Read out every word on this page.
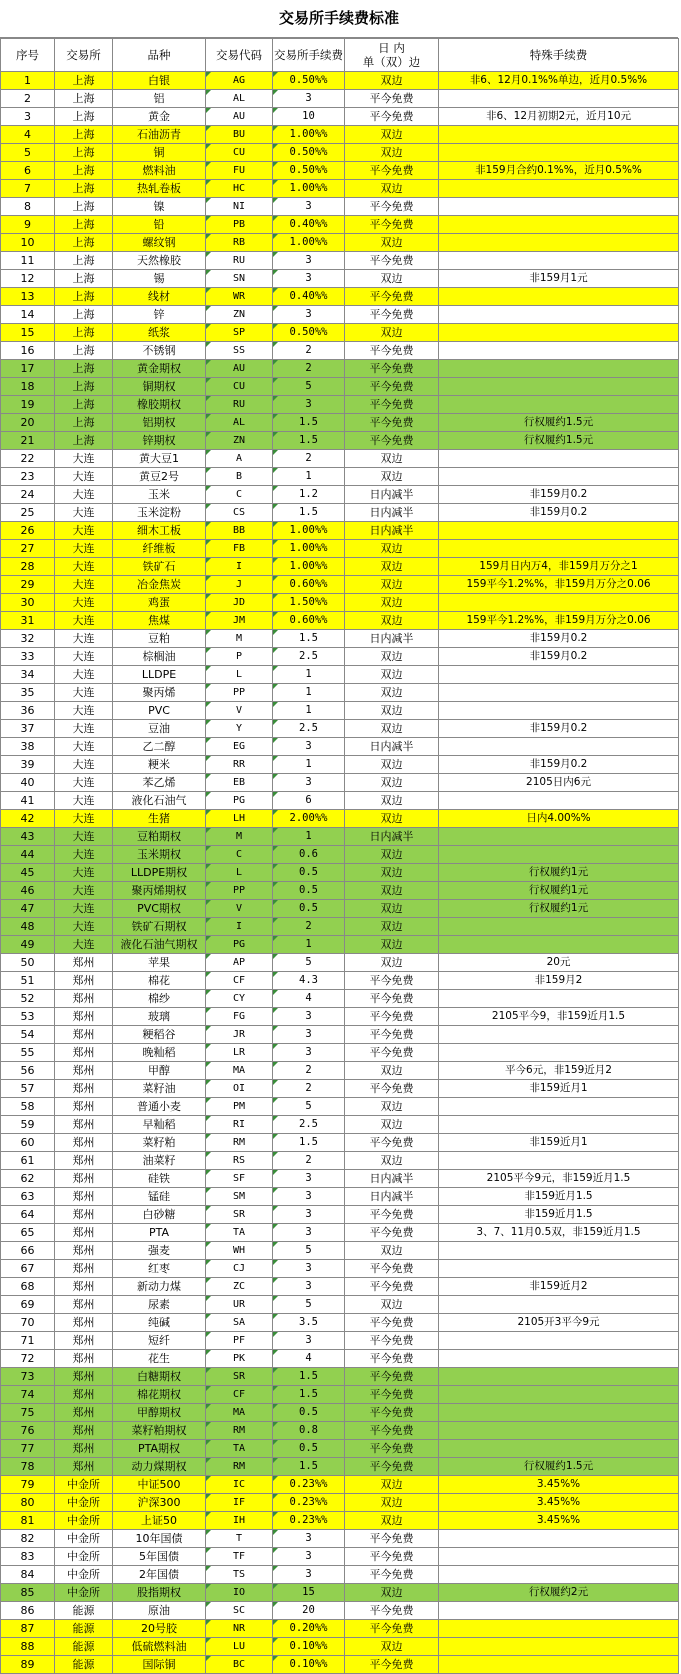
交易所手续费标准
序号	交易所	品种	交易代码	交易所手续费	日 内
单（双）边	特殊手续费
1	上海	白银	AG	0.50%%	双边	非6、12月0.1%%单边，近月0.5%%
2	上海	铝	AL	3	平今免费	
3	上海	黄金	AU	10	平今免费	非6、12月初期2元，近月10元
4	上海	石油沥青	BU	1.00%%	双边	
5	上海	铜	CU	0.50%%	双边	
6	上海	燃料油	FU	0.50%%	平今免费	非159月合约0.1%%，近月0.5%%
7	上海	热轧卷板	HC	1.00%%	双边	
8	上海	镍	NI	3	平今免费	
9	上海	铅	PB	0.40%%	平今免费	
10	上海	螺纹钢	RB	1.00%%	双边	
11	上海	天然橡胶	RU	3	平今免费	
12	上海	锡	SN	3	双边	非159月1元
13	上海	线材	WR	0.40%%	平今免费	
14	上海	锌	ZN	3	平今免费	
15	上海	纸浆	SP	0.50%%	双边	
16	上海	不锈钢	SS	2	平今免费	
17	上海	黄金期权	AU	2	平今免费	
18	上海	铜期权	CU	5	平今免费	
19	上海	橡胶期权	RU	3	平今免费	
20	上海	铝期权	AL	1.5	平今免费	行权履约1.5元
21	上海	锌期权	ZN	1.5	平今免费	行权履约1.5元
22	大连	黄大豆1	A	2	双边	
23	大连	黄豆2号	B	1	双边	
24	大连	玉米	C	1.2	日内减半	非159月0.2
25	大连	玉米淀粉	CS	1.5	日内减半	非159月0.2
26	大连	细木工板	BB	1.00%%	日内减半	
27	大连	纤维板	FB	1.00%%	双边	
28	大连	铁矿石	I	1.00%%	双边	159月日内万4，非159月万分之1
29	大连	冶金焦炭	J	0.60%%	双边	159平今1.2%%，非159月万分之0.06
30	大连	鸡蛋	JD	1.50%%	双边	
31	大连	焦煤	JM	0.60%%	双边	159平今1.2%%，非159月万分之0.06
32	大连	豆粕	M	1.5	日内减半	非159月0.2
33	大连	棕榈油	P	2.5	双边	非159月0.2
34	大连	LLDPE	L	1	双边	
35	大连	聚丙烯	PP	1	双边	
36	大连	PVC	V	1	双边	
37	大连	豆油	Y	2.5	双边	非159月0.2
38	大连	乙二醇	EG	3	日内减半	
39	大连	粳米	RR	1	双边	非159月0.2
40	大连	苯乙烯	EB	3	双边	2105日内6元
41	大连	液化石油气	PG	6	双边	
42	大连	生猪	LH	2.00%%	双边	日内4.00%%
43	大连	豆粕期权	M	1	日内减半	
44	大连	玉米期权	C	0.6	双边	
45	大连	LLDPE期权	L	0.5	双边	行权履约1元
46	大连	聚丙烯期权	PP	0.5	双边	行权履约1元
47	大连	PVC期权	V	0.5	双边	行权履约1元
48	大连	铁矿石期权	I	2	双边	
49	大连	液化石油气期权	PG	1	双边	
50	郑州	苹果	AP	5	双边	20元
51	郑州	棉花	CF	4.3	平今免费	非159月2
52	郑州	棉纱	CY	4	平今免费	
53	郑州	玻璃	FG	3	平今免费	2105平今9，非159近月1.5
54	郑州	粳稻谷	JR	3	平今免费	
55	郑州	晚籼稻	LR	3	平今免费	
56	郑州	甲醇	MA	2	双边	平今6元，非159近月2
57	郑州	菜籽油	OI	2	平今免费	非159近月1
58	郑州	普通小麦	PM	5	双边	
59	郑州	早籼稻	RI	2.5	双边	
60	郑州	菜籽粕	RM	1.5	平今免费	非159近月1
61	郑州	油菜籽	RS	2	双边	
62	郑州	硅铁	SF	3	日内减半	2105平今9元，非159近月1.5
63	郑州	锰硅	SM	3	日内减半	非159近月1.5
64	郑州	白砂糖	SR	3	平今免费	非159近月1.5
65	郑州	PTA	TA	3	平今免费	3、7、11月0.5双，非159近月1.5
66	郑州	强麦	WH	5	双边	
67	郑州	红枣	CJ	3	平今免费	
68	郑州	新动力煤	ZC	3	平今免费	非159近月2
69	郑州	尿素	UR	5	双边	
70	郑州	纯碱	SA	3.5	平今免费	2105开3平今9元
71	郑州	短纤	PF	3	平今免费	
72	郑州	花生	PK	4	平今免费	
73	郑州	白糖期权	SR	1.5	平今免费	
74	郑州	棉花期权	CF	1.5	平今免费	
75	郑州	甲醇期权	MA	0.5	平今免费	
76	郑州	菜籽粕期权	RM	0.8	平今免费	
77	郑州	PTA期权	TA	0.5	平今免费	
78	郑州	动力煤期权	RM	1.5	平今免费	行权履约1.5元
79	中金所	中证500	IC	0.23%%	双边	3.45%%
80	中金所	沪深300	IF	0.23%%	双边	3.45%%
81	中金所	上证50	IH	0.23%%	双边	3.45%%
82	中金所	10年国债	T	3	平今免费	
83	中金所	5年国债	TF	3	平今免费	
84	中金所	2年国债	TS	3	平今免费	
85	中金所	股指期权	IO	15	双边	行权履约2元
86	能源	原油	SC	20	平今免费	
87	能源	20号胶	NR	0.20%%	平今免费	
88	能源	低硫燃料油	LU	0.10%%	双边	
89	能源	国际铜	BC	0.10%%	平今免费	
